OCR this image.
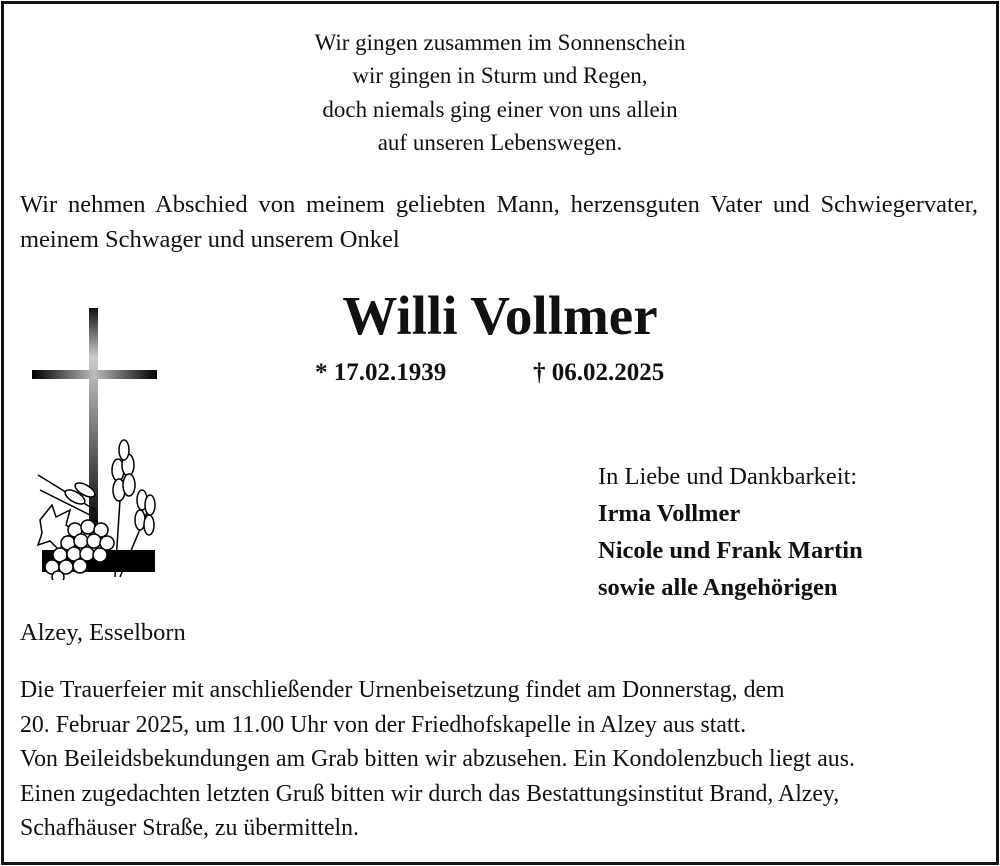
Wir gingen zusammen im Sonnenschein
wir gingen in Sturm und Regen,
doch niemals ging einer von uns allein
auf unseren Lebenswegen.
Wir nehmen Abschied von meinem geliebten Mann, herzensguten Vater und Schwiegervater, meinem Schwager und unserem Onkel
Willi Vollmer
* 17.02.1939	† 06.02.2025
In Liebe und Dankbarkeit:
Irma Vollmer
Nicole und Frank Martin
sowie alle Angehörigen
Alzey, Esselborn
Die Trauerfeier mit anschließender Urnenbeisetzung findet am Donnerstag, dem
20. Februar 2025, um 11.00 Uhr von der Friedhofskapelle in Alzey aus statt.
Von Beileidsbekundungen am Grab bitten wir abzusehen. Ein Kondolenzbuch liegt aus.
Einen zugedachten letzten Gruß bitten wir durch das Bestattungsinstitut Brand, Alzey,
Schafhäuser Straße, zu übermitteln.
